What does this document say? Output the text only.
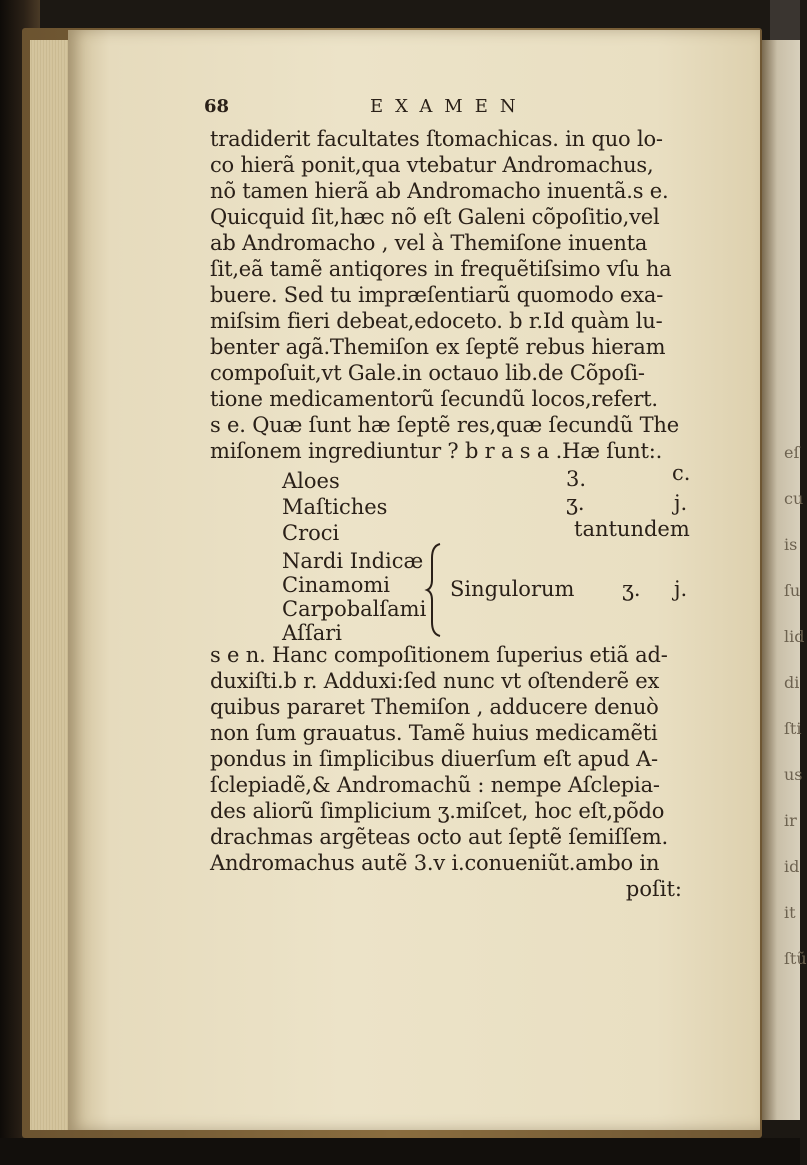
eſ
cu
is
ſu
lid
di
ſti
us
ir
id
it
ſtũ
68	EXAMEN
tradiderit facultates ſtomachicas. in quo lo-
co hierã ponit,qua vtebatur Andromachus,
nõ tamen hierã ab Andromacho inuentã.s e.
Quicquid ſit,hæc nõ eſt Galeni cõpoſitio,vel
ab Andromacho , vel à Themiſone inuenta
ſit,eã tamẽ antiqores in frequẽtiſsimo vſu ha
buere. Sed tu impræſentiarũ quomodo exa-
miſsim fieri debeat,edoceto. b r.Id quàm lu-
benter agã.Themiſon ex ſeptẽ rebus hieram
compoſuit,vt Gale.in octauo lib.de Cõpoſi-
tione medicamentorũ ſecundũ locos,refert.
s e. Quæ ſunt hæ ſeptẽ res,quæ ſecundũ The
miſonem ingrediuntur ? b r a s a .Hæ ſunt:.
Aloes	3.	c.
Maſtiches	ʒ.	j.
Croci	tantundem
Nardi Indicæ
Cinamomi
Carpobalſami
Aſſari
Singulorum ʒ. j.
s e n. Hanc compoſitionem ſuperius etiã ad-
duxiſti.b r. Adduxi:ſed nunc vt oſtenderẽ ex
quibus pararet Themiſon , adducere denuò
non ſum grauatus. Tamẽ huius medicamẽti
pondus in ſimplicibus diuerſum eſt apud A-
ſclepiadẽ,& Andromachũ : nempe Aſclepia-
des aliorũ ſimplicium ʒ.miſcet, hoc eſt,põdo
drachmas argẽteas octo aut ſeptẽ ſemiſſem.
Andromachus autẽ 3.v i.conueniũt.ambo in
poſit:
